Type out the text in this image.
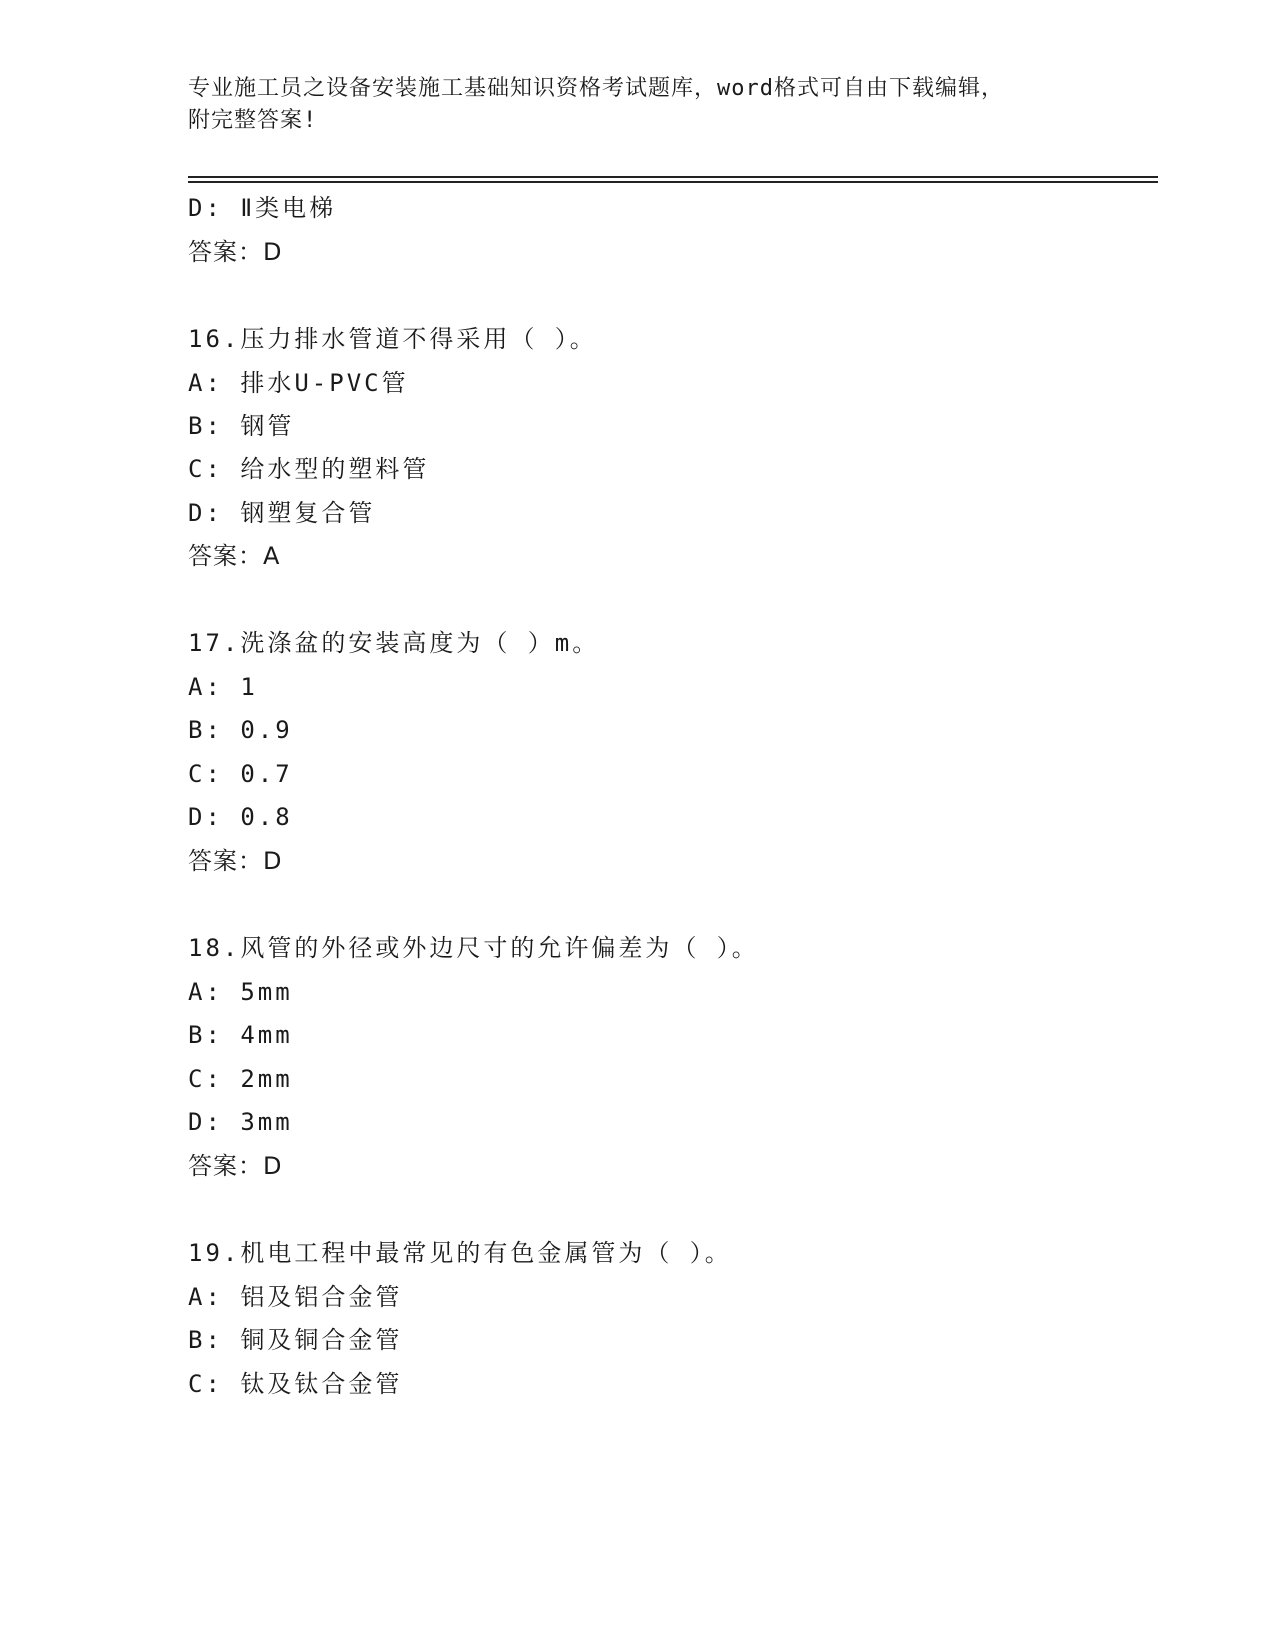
专业施工员之设备安装施工基础知识资格考试题库，word格式可自由下载编辑，
附完整答案!
D: Ⅱ类电梯
答案：D
16.压力排水管道不得采用（ ）。
A: 排水U-PVC管
B: 钢管
C: 给水型的塑料管
D: 钢塑复合管
答案：A
17.洗涤盆的安装高度为（ ）m。
A: 1
B: 0.9
C: 0.7
D: 0.8
答案：D
18.风管的外径或外边尺寸的允许偏差为（ ）。
A: 5mm
B: 4mm
C: 2mm
D: 3mm
答案：D
19.机电工程中最常见的有色金属管为（ ）。
A: 铝及铝合金管
B: 铜及铜合金管
C: 钛及钛合金管
